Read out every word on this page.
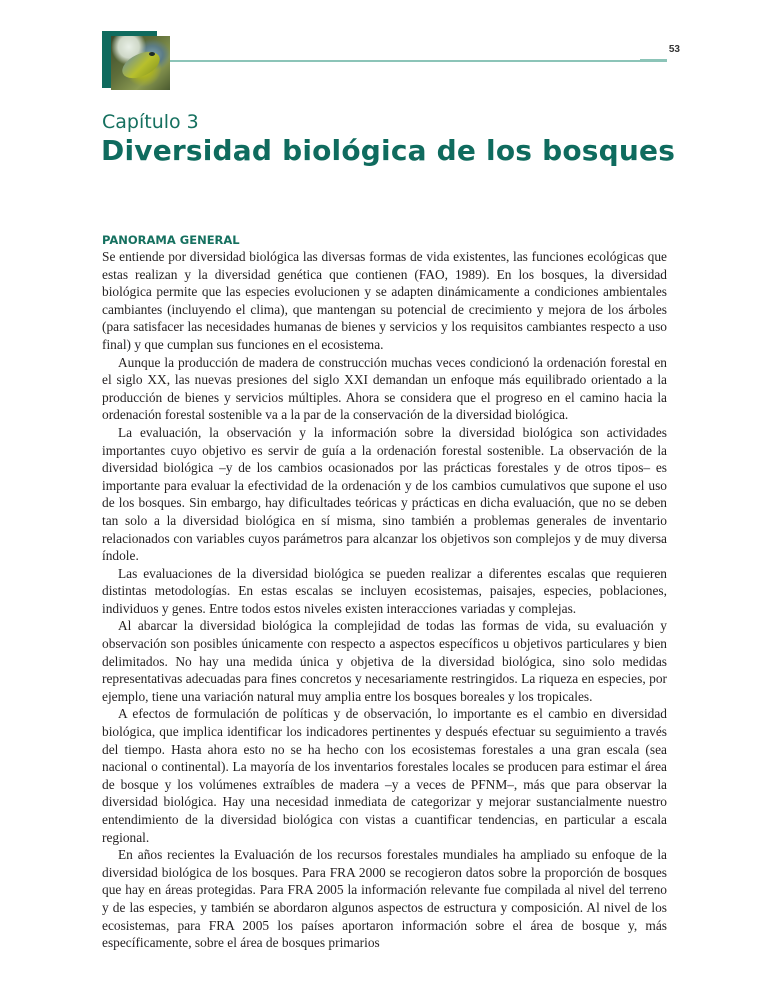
53
Capítulo 3
Diversidad biológica de los bosques
PANORAMA GENERAL

Se entiende por diversidad biológica las diversas formas de vida existentes, las funciones ecológicas que estas realizan y la diversidad genética que contienen (FAO, 1989). En los bosques, la diversidad biológica permite que las especies evolucionen y se adapten dinámicamente a condiciones ambientales cambiantes (incluyendo el clima), que mantengan su potencial de crecimiento y mejora de los árboles (para satisfacer las necesidades humanas de bienes y servicios y los requisitos cambiantes respecto a uso final) y que cumplan sus funciones en el ecosistema.

Aunque la producción de madera de construcción muchas veces condicionó la ordenación forestal en el siglo XX, las nuevas presiones del siglo XXI demandan un enfoque más equilibrado orientado a la producción de bienes y servicios múltiples. Ahora se considera que el progreso en el camino hacia la ordenación forestal sostenible va a la par de la conservación de la diversidad biológica.

La evaluación, la observación y la información sobre la diversidad biológica son actividades importantes cuyo objetivo es servir de guía a la ordenación forestal sostenible. La observación de la diversidad biológica –y de los cambios ocasionados por las prácticas forestales y de otros tipos– es importante para evaluar la efectividad de la ordenación y de los cambios cumulativos que supone el uso de los bosques. Sin embargo, hay dificultades teóricas y prácticas en dicha evaluación, que no se deben tan solo a la diversidad biológica en sí misma, sino también a problemas generales de inventario relacionados con variables cuyos parámetros para alcanzar los objetivos son complejos y de muy diversa índole.

Las evaluaciones de la diversidad biológica se pueden realizar a diferentes escalas que requieren distintas metodologías. En estas escalas se incluyen ecosistemas, paisajes, especies, poblaciones, individuos y genes. Entre todos estos niveles existen interacciones variadas y complejas.

Al abarcar la diversidad biológica la complejidad de todas las formas de vida, su evaluación y observación son posibles únicamente con respecto a aspectos específicos u objetivos particulares y bien delimitados. No hay una medida única y objetiva de la diversidad biológica, sino solo medidas representativas adecuadas para fines concretos y necesariamente restringidos. La riqueza en especies, por ejemplo, tiene una variación natural muy amplia entre los bosques boreales y los tropicales.

A efectos de formulación de políticas y de observación, lo importante es el cambio en diversidad biológica, que implica identificar los indicadores pertinentes y después efectuar su seguimiento a través del tiempo. Hasta ahora esto no se ha hecho con los ecosistemas forestales a una gran escala (sea nacional o continental). La mayoría de los inventarios forestales locales se producen para estimar el área de bosque y los volúmenes extraíbles de madera –y a veces de PFNM–, más que para observar la diversidad biológica. Hay una necesidad inmediata de categorizar y mejorar sustancialmente nuestro entendimiento de la diversidad biológica con vistas a cuantificar tendencias, en particular a escala regional.

En años recientes la Evaluación de los recursos forestales mundiales ha ampliado su enfoque de la diversidad biológica de los bosques. Para FRA 2000 se recogieron datos sobre la proporción de bosques que hay en áreas protegidas. Para FRA 2005 la información relevante fue compilada al nivel del terreno y de las especies, y también se abordaron algunos aspectos de estructura y composición. Al nivel de los ecosistemas, para FRA 2005 los países aportaron información sobre el área de bosque y, más específicamente, sobre el área de bosques primarios
